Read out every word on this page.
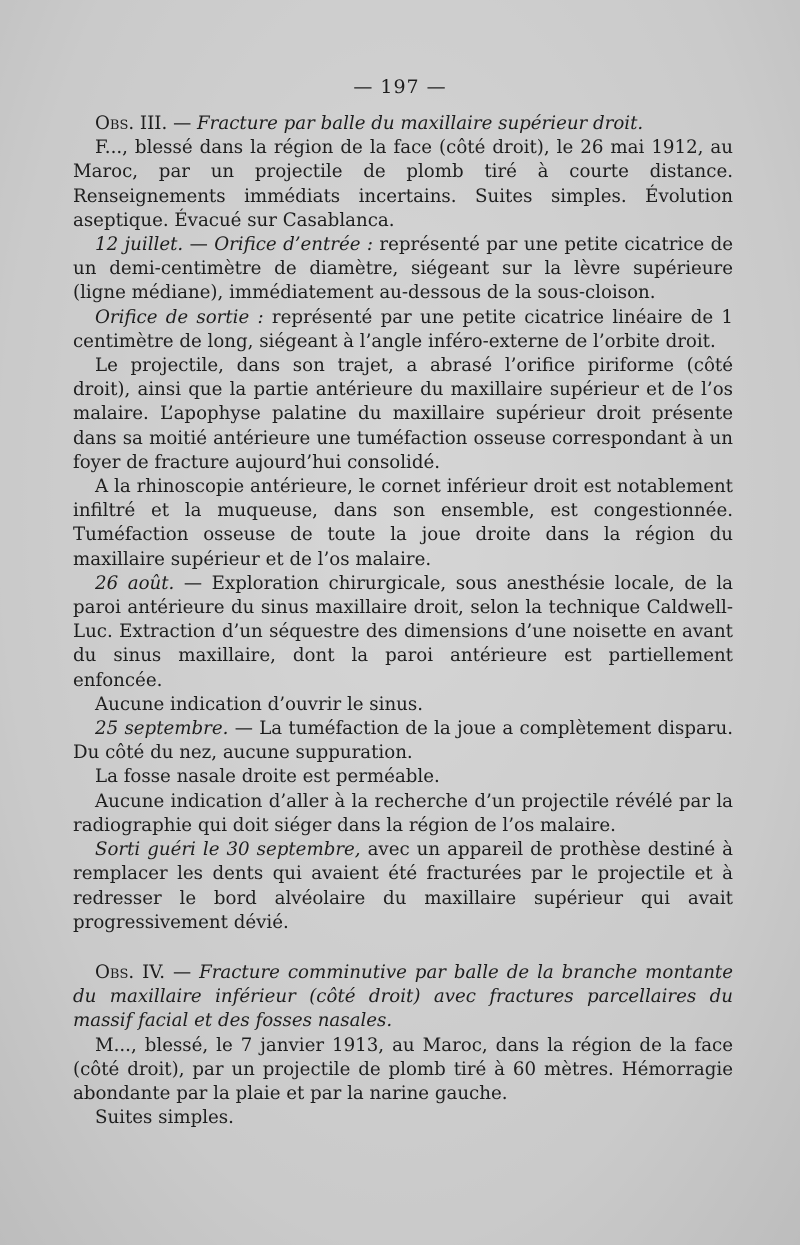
— 197 —

Obs. III. — Fracture par balle du maxillaire supérieur droit.

F..., blessé dans la région de la face (côté droit), le 26 mai 1912, au Maroc, par un projectile de plomb tiré à courte distance. Renseignements immédiats incertains. Suites simples. Évolution aseptique. Évacué sur Casablanca.

12 juillet. — Orifice d’entrée : représenté par une petite cicatrice de un demi-centimètre de diamètre, siégeant sur la lèvre supérieure (ligne médiane), immédiatement au-dessous de la sous-cloison.

Orifice de sortie : représenté par une petite cicatrice linéaire de 1 centimètre de long, siégeant à l’angle inféro-externe de l’orbite droit.

Le projectile, dans son trajet, a abrasé l’orifice piriforme (côté droit), ainsi que la partie antérieure du maxillaire supérieur et de l’os malaire. L’apophyse palatine du maxillaire supérieur droit présente dans sa moitié antérieure une tuméfaction osseuse correspondant à un foyer de fracture aujourd’hui consolidé.

A la rhinoscopie antérieure, le cornet inférieur droit est notablement infiltré et la muqueuse, dans son ensemble, est congestionnée. Tuméfaction osseuse de toute la joue droite dans la région du maxillaire supérieur et de l’os malaire.

26 août. — Exploration chirurgicale, sous anesthésie locale, de la paroi antérieure du sinus maxillaire droit, selon la technique Caldwell-Luc. Extraction d’un séquestre des dimensions d’une noisette en avant du sinus maxillaire, dont la paroi antérieure est partiellement enfoncée.

Aucune indication d’ouvrir le sinus.

25 septembre. — La tuméfaction de la joue a complètement disparu. Du côté du nez, aucune suppuration.

La fosse nasale droite est perméable.

Aucune indication d’aller à la recherche d’un projectile révélé par la radiographie qui doit siéger dans la région de l’os malaire.

Sorti guéri le 30 septembre, avec un appareil de prothèse destiné à remplacer les dents qui avaient été fracturées par le projectile et à redresser le bord alvéolaire du maxillaire supérieur qui avait progressivement dévié.

Obs. IV. — Fracture comminutive par balle de la branche montante du maxillaire inférieur (côté droit) avec fractures parcellaires du massif facial et des fosses nasales.

M..., blessé, le 7 janvier 1913, au Maroc, dans la région de la face (côté droit), par un projectile de plomb tiré à 60 mètres. Hémorragie abondante par la plaie et par la narine gauche.

Suites simples.
